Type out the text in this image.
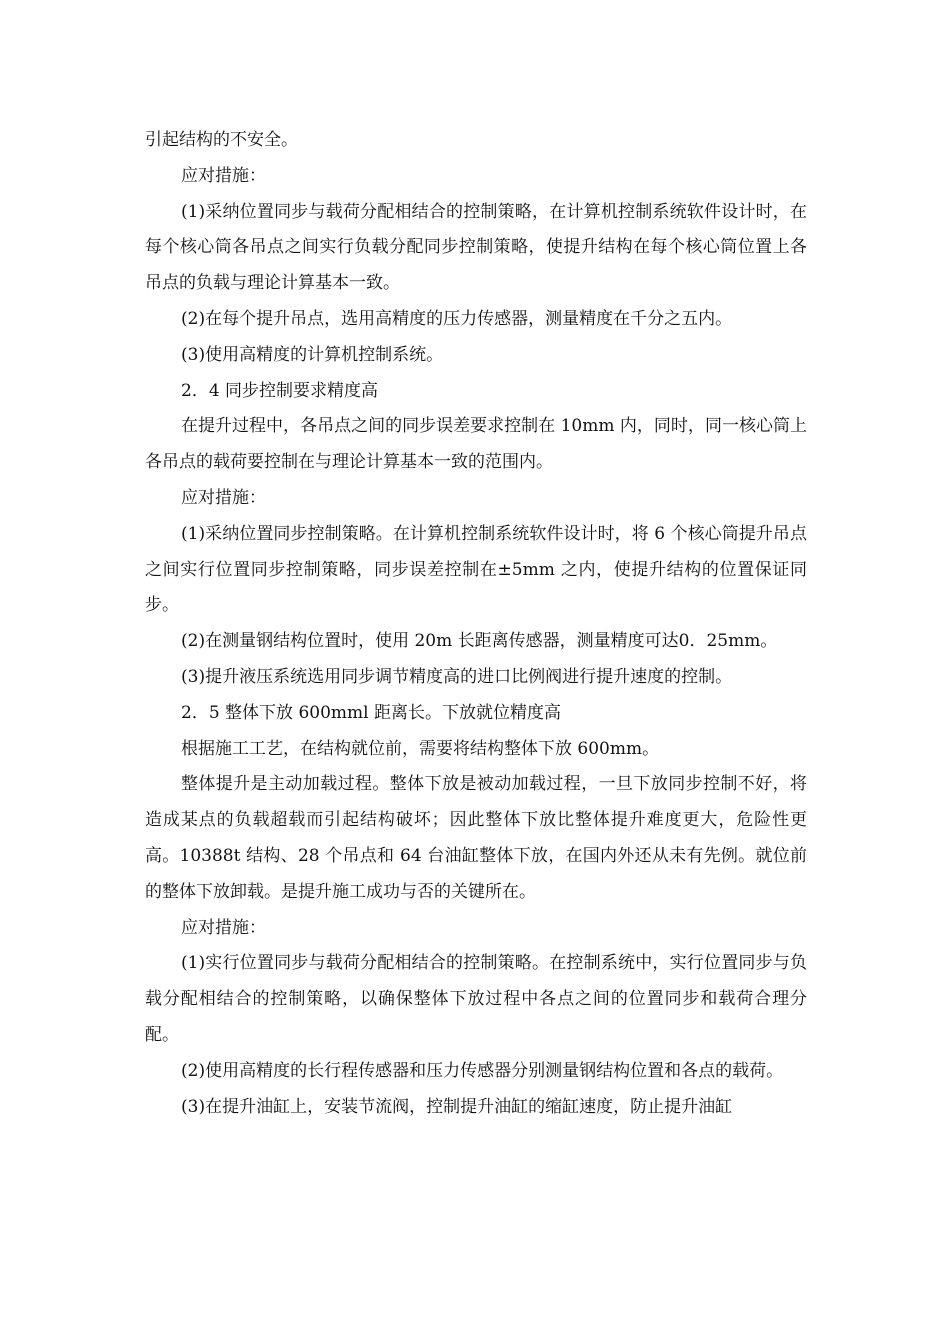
引起结构的不安全。

应对措施：

(1)采纳位置同步与载荷分配相结合的控制策略，在计算机控制系统软件设计时，在每个核心筒各吊点之间实行负载分配同步控制策略，使提升结构在每个核心筒位置上各吊点的负载与理论计算基本一致。

(2)在每个提升吊点，选用高精度的压力传感器，测量精度在千分之五内。

(3)使用高精度的计算机控制系统。

2．4 同步控制要求精度高

在提升过程中，各吊点之间的同步误差要求控制在 10mm 内，同时，同一核心筒上各吊点的载荷要控制在与理论计算基本一致的范围内。

应对措施：

(1)采纳位置同步控制策略。在计算机控制系统软件设计时，将 6 个核心筒提升吊点之间实行位置同步控制策略，同步误差控制在±5mm 之内，使提升结构的位置保证同步。

(2)在测量钢结构位置时，使用 20m 长距离传感器，测量精度可达0．25mm。

(3)提升液压系统选用同步调节精度高的进口比例阀进行提升速度的控制。

2．5 整体下放 600mml 距离长。下放就位精度高

根据施工工艺，在结构就位前，需要将结构整体下放 600mm。

整体提升是主动加载过程。整体下放是被动加载过程，一旦下放同步控制不好，将造成某点的负载超载而引起结构破坏；因此整体下放比整体提升难度更大，危险性更高。10388t 结构、28 个吊点和 64 台油缸整体下放，在国内外还从未有先例。就位前的整体下放卸载。是提升施工成功与否的关键所在。

应对措施：

(1)实行位置同步与载荷分配相结合的控制策略。在控制系统中，实行位置同步与负载分配相结合的控制策略，以确保整体下放过程中各点之间的位置同步和载荷合理分配。

(2)使用高精度的长行程传感器和压力传感器分别测量钢结构位置和各点的载荷。

(3)在提升油缸上，安装节流阀，控制提升油缸的缩缸速度，防止提升油缸
